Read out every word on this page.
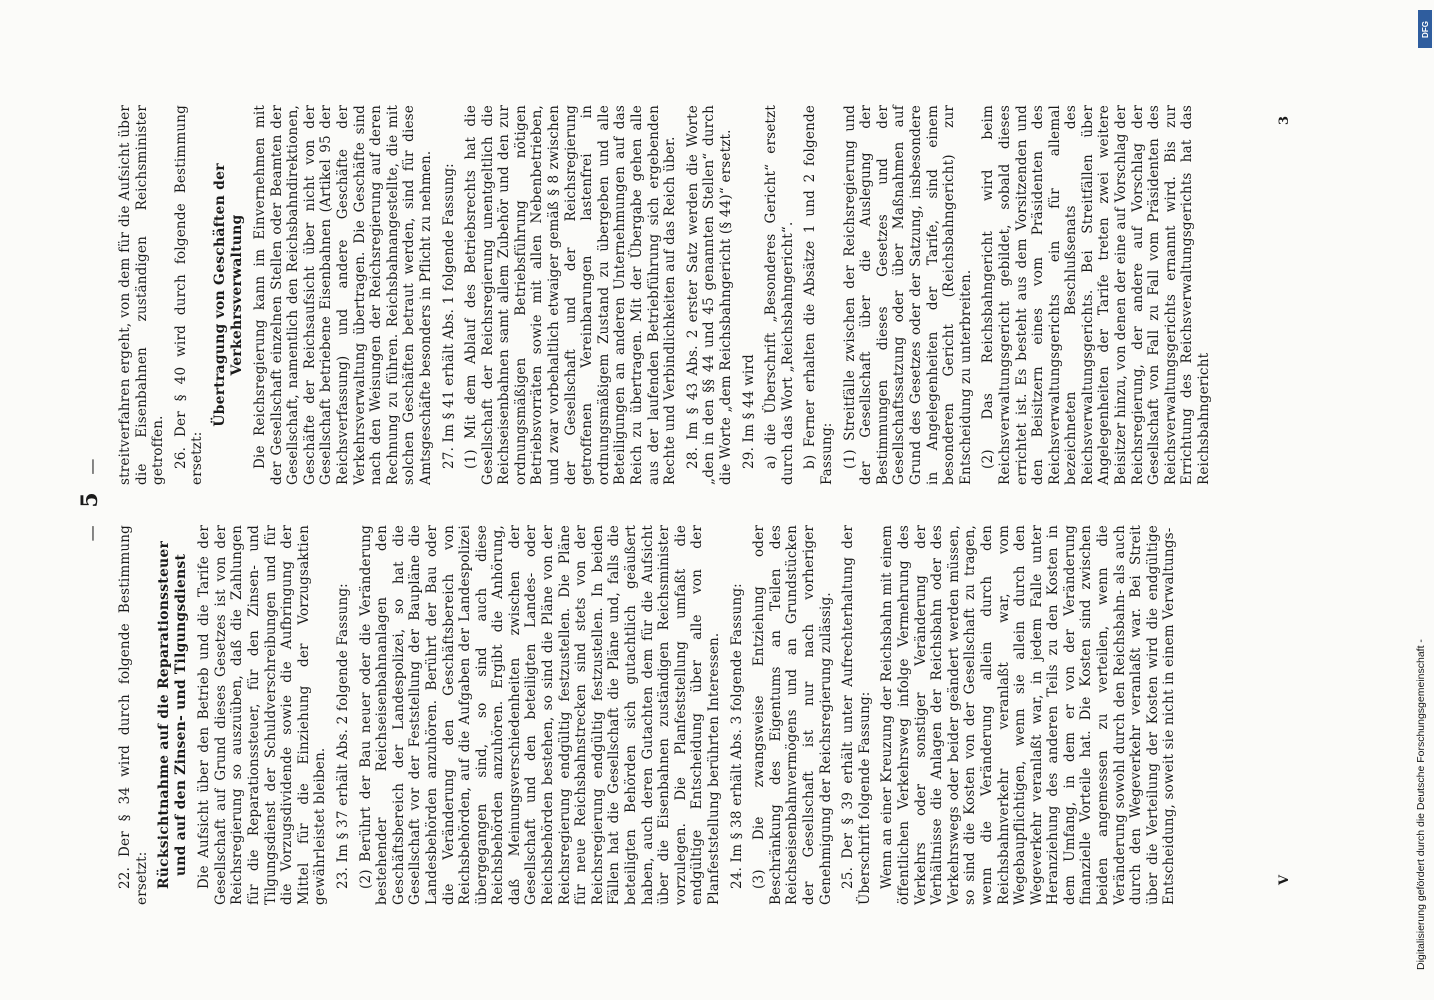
— 5 —

22. Der § 34 wird durch folgende Bestimmung ersetzt: Rücksichtnahme auf die Reparationssteuer und auf den Zinsen- und Tilgungsdienst Die Aufsicht über den Betrieb und die Tarife der Gesellschaft auf Grund dieses Gesetzes ist von der Reichsregierung so auszuüben, daß die Zahlungen für die Reparationssteuer, für den Zinsen- und Tilgungsdienst der Schuldverschreibungen und für die Vorzugsdividende sowie die Aufbringung der Mittel für die Einziehung der Vorzugsaktien gewährleistet bleiben. 23. Im § 37 erhält Abs. 2 folgende Fassung: (2) Berührt der Bau neuer oder die Veränderung bestehender Reichseisenbahnanlagen den Geschäftsbereich der Landespolizei, so hat die Gesellschaft vor der Feststellung der Baupläne die Landesbehörden anzuhören. Berührt der Bau oder die Veränderung den Geschäftsbereich von Reichsbehörden, auf die Aufgaben der Landespolizei übergegangen sind, so sind auch diese Reichsbehörden anzuhören. Ergibt die Anhörung, daß Meinungsverschiedenheiten zwischen der Gesellschaft und den beteiligten Landes- oder Reichsbehörden bestehen, so sind die Pläne von der Reichsregierung endgültig festzustellen. Die Pläne für neue Reichsbahnstrecken sind stets von der Reichsregierung endgültig festzustellen. In beiden Fällen hat die Gesellschaft die Pläne und, falls die beteiligten Behörden sich gutachtlich geäußert haben, auch deren Gutachten dem für die Aufsicht über die Eisenbahnen zuständigen Reichsminister vorzulegen. Die Planfeststellung umfaßt die endgültige Entscheidung über alle von der Planfeststellung berührten Interessen. 24. Im § 38 erhält Abs. 3 folgende Fassung: (3) Die zwangsweise Entziehung oder Beschränkung des Eigentums an Teilen des Reichseisenbahnvermögens und an Grundstücken der Gesellschaft ist nur nach vorheriger Genehmigung der Reichsregierung zulässig. 25. Der § 39 erhält unter Aufrechterhaltung der Überschrift folgende Fassung: Wenn an einer Kreuzung der Reichsbahn mit einem öffentlichen Verkehrsweg infolge Vermehrung des Verkehrs oder sonstiger Veränderung der Verhältnisse die Anlagen der Reichsbahn oder des Verkehrswegs oder beider geändert werden müssen, so sind die Kosten von der Gesellschaft zu tragen, wenn die Veränderung allein durch den Reichsbahnverkehr veranlaßt war, vom Wegebaupflichtigen, wenn sie allein durch den Wegeverkehr veranlaßt war, in jedem Falle unter Heranziehung des anderen Teils zu den Kosten in dem Umfang, in dem er von der Veränderung finanzielle Vorteile hat. Die Kosten sind zwischen beiden angemessen zu verteilen, wenn die Veränderung sowohl durch den Reichsbahn- als auch durch den Wegeverkehr veranlaßt war. Bei Streit über die Verteilung der Kosten wird die endgültige Entscheidung, soweit sie nicht in einem Verwaltungs-

streitverfahren ergeht, von dem für die Aufsicht über die Eisenbahnen zuständigen Reichsminister getroffen. 26. Der § 40 wird durch folgende Bestimmung ersetzt:

Übertragung von Geschäften der Verkehrsverwaltung Die Reichsregierung kann im Einvernehmen mit der Gesellschaft einzelnen Stellen oder Beamten der Gesellschaft, namentlich den Reichsbahndirektionen, Geschäfte der Reichsaufsicht über nicht von der Gesellschaft betriebene Eisenbahnen (Artikel 95 der Reichsverfassung) und andere Geschäfte der Verkehrsverwaltung übertragen. Die Geschäfte sind nach den Weisungen der Reichsregierung auf deren Rechnung zu führen. Reichsbahnangestellte, die mit solchen Geschäften betraut werden, sind für diese Amtsgeschäfte besonders in Pflicht zu nehmen. 27. Im § 41 erhält Abs. 1 folgende Fassung: (1) Mit dem Ablauf des Betriebsrechts hat die Gesellschaft der Reichsregierung unentgeltlich die Reichseisenbahnen samt allem Zubehör und den zur ordnungsmäßigen Betriebsführung nötigen Betriebsvorräten sowie mit allen Nebenbetrieben, und zwar vorbehaltlich etwaiger gemäß § 8 zwischen der Gesellschaft und der Reichsregierung getroffenen Vereinbarungen lastenfrei in ordnungsmäßigem Zustand zu übergeben und alle Beteiligungen an anderen Unternehmungen auf das Reich zu übertragen. Mit der Übergabe gehen alle aus der laufenden Betriebführung sich ergebenden Rechte und Verbindlichkeiten auf das Reich über. 28. Im § 43 Abs. 2 erster Satz werden die Worte „den in den §§ 44 und 45 genannten Stellen“ durch die Worte „dem Reichsbahngericht (§ 44)“ ersetzt. 29. Im § 44 wird a) die Überschrift „Besonderes Gericht“ ersetzt durch das Wort „Reichsbahngericht“. b) Ferner erhalten die Absätze 1 und 2 folgende Fassung: (1) Streitfälle zwischen der Reichsregierung und der Gesellschaft über die Auslegung der Bestimmungen dieses Gesetzes und der Gesellschaftssatzung oder über Maßnahmen auf Grund des Gesetzes oder der Satzung, insbesondere in Angelegenheiten der Tarife, sind einem besonderen Gericht (Reichsbahngericht) zur Entscheidung zu unterbreiten. (2) Das Reichsbahngericht wird beim Reichsverwaltungsgericht gebildet, sobald dieses errichtet ist. Es besteht aus dem Vorsitzenden und den Beisitzern eines vom Präsidenten des Reichsverwaltungsgerichts ein für allemal bezeichneten Beschlußsenats des Reichsverwaltungsgerichts. Bei Streitfällen über Angelegenheiten der Tarife treten zwei weitere Beisitzer hinzu, von denen der eine auf Vorschlag der Reichsregierung, der andere auf Vorschlag der Gesellschaft von Fall zu Fall vom Präsidenten des Reichsverwaltungsgerichts ernannt wird. Bis zur Errichtung des Reichsverwaltungsgerichts hat das Reichsbahngericht

V
3
Digitalisierung gefördert durch die Deutsche Forschungsgemeinschaft -
DFG
